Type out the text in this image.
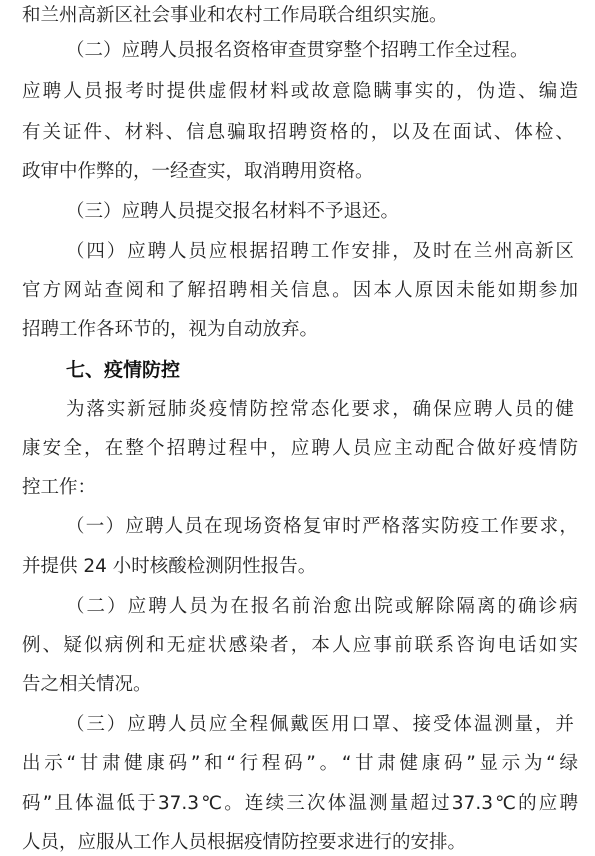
和兰州高新区社会事业和农村工作局联合组织实施。
（二）应聘人员报名资格审查贯穿整个招聘工作全过程。
应 聘 人 员 报 考 时 提 供 虚 假 材 料 或 故 意 隐 瞒 事 实 的 ， 伪 造 、 编 造
有 关 证 件 、 材 料 、 信 息 骗 取 招 聘 资 格 的 ， 以 及 在 面 试 、 体 检 、
政审中作弊的，一经查实，取消聘用资格。
（三）应聘人员提交报名材料不予退还。
（ 四 ） 应 聘 人 员 应 根 据 招 聘 工 作 安 排 ， 及 时 在 兰 州 高 新 区
官 方 网 站 查 阅 和 了 解 招 聘 相 关 信 息 。 因 本 人 原 因 未 能 如 期 参 加
招聘工作各环节的，视为自动放弃。
七、疫情防控
为 落 实 新 冠 肺 炎 疫 情 防 控 常 态 化 要 求 ， 确 保 应 聘 人 员 的 健
康 安 全 ， 在 整 个 招 聘 过 程 中 ， 应 聘 人 员 应 主 动 配 合 做 好 疫 情 防
控工作：
（ 一 ） 应 聘 人 员 在 现 场 资 格 复 审 时 严 格 落 实 防 疫 工 作 要 求 ，
并提供 24 小时核酸检测阴性报告。
（ 二 ） 应 聘 人 员 为 在 报 名 前 治 愈 出 院 或 解 除 隔 离 的 确 诊 病
例 、 疑 似 病 例 和 无 症 状 感 染 者 ， 本 人 应 事 前 联 系 咨 询 电 话 如 实
告之相关情况。
（ 三 ） 应 聘 人 员 应 全 程 佩 戴 医 用 口 罩 、 接 受 体 温 测 量 ， 并
出 示 “ 甘 肃 健 康 码 ” 和 “ 行 程 码 ” 。 “ 甘 肃 健 康 码 ” 显 示 为 “ 绿
码 ” 且 体 温 低 于 37.3 ℃ 。 连 续 三 次 体 温 测 量 超 过 37.3 ℃ 的 应 聘
人员，应服从工作人员根据疫情防控要求进行的安排。
